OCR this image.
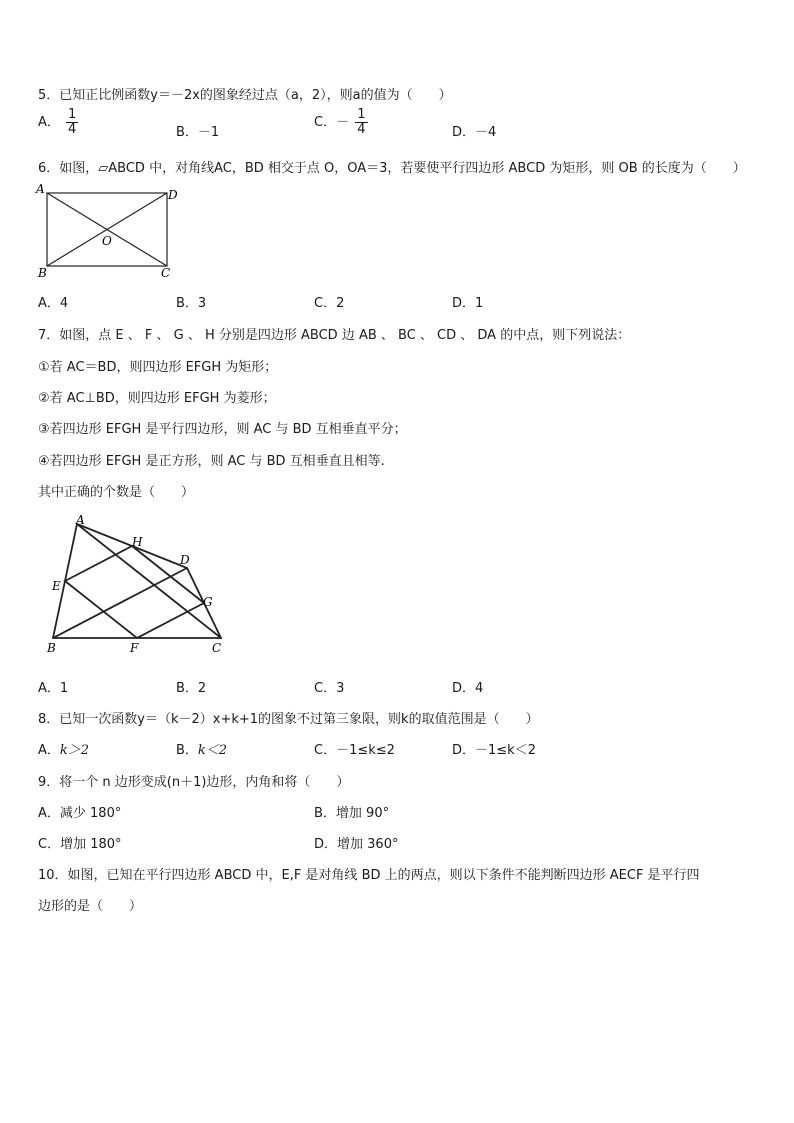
5．已知正比例函数y＝－2x的图象经过点（a，2），则a的值为（　　）
A． $\frac{1}{4}$	B．－1
C．－ $\frac{1}{4}$	D．－4
6．如图，▱ABCD 中，对角线AC，BD 相交于点 O，OA＝3，若要使平行四边形 ABCD 为矩形，则 OB 的长度为（　　）
A	D
O
B	C
A．4	B．3	C．2	D．1
7．如图，点 E 、 F 、 G 、 H 分别是四边形 ABCD 边 AB 、 BC 、 CD 、 DA 的中点，则下列说法：
①若 AC＝BD，则四边形 EFGH 为矩形；
②若 AC⊥BD，则四边形 EFGH 为菱形；
③若四边形 EFGH 是平行四边形，则 AC 与 BD 互相垂直平分；
④若四边形 EFGH 是正方形，则 AC 与 BD 互相垂直且相等.
其中正确的个数是（　　）
A
H
D
E
G
B	F	C
A．1	B．2	C．3	D．4
8．已知一次函数y＝（k－2）x+k+1的图象不过第三象限，则k的取值范围是（　　）
A．k＞2	B．k＜2	C．－1≤k≤2	D．－1≤k＜2
9．将一个 n 边形变成(n＋1)边形，内角和将（　　）
A．减少 180°	B．增加 90°
C．增加 180°	D．增加 360°
10．如图，已知在平行四边形 ABCD 中，E,F 是对角线 BD 上的两点，则以下条件不能判断四边形 AECF 是平行四
边形的是（　　）
